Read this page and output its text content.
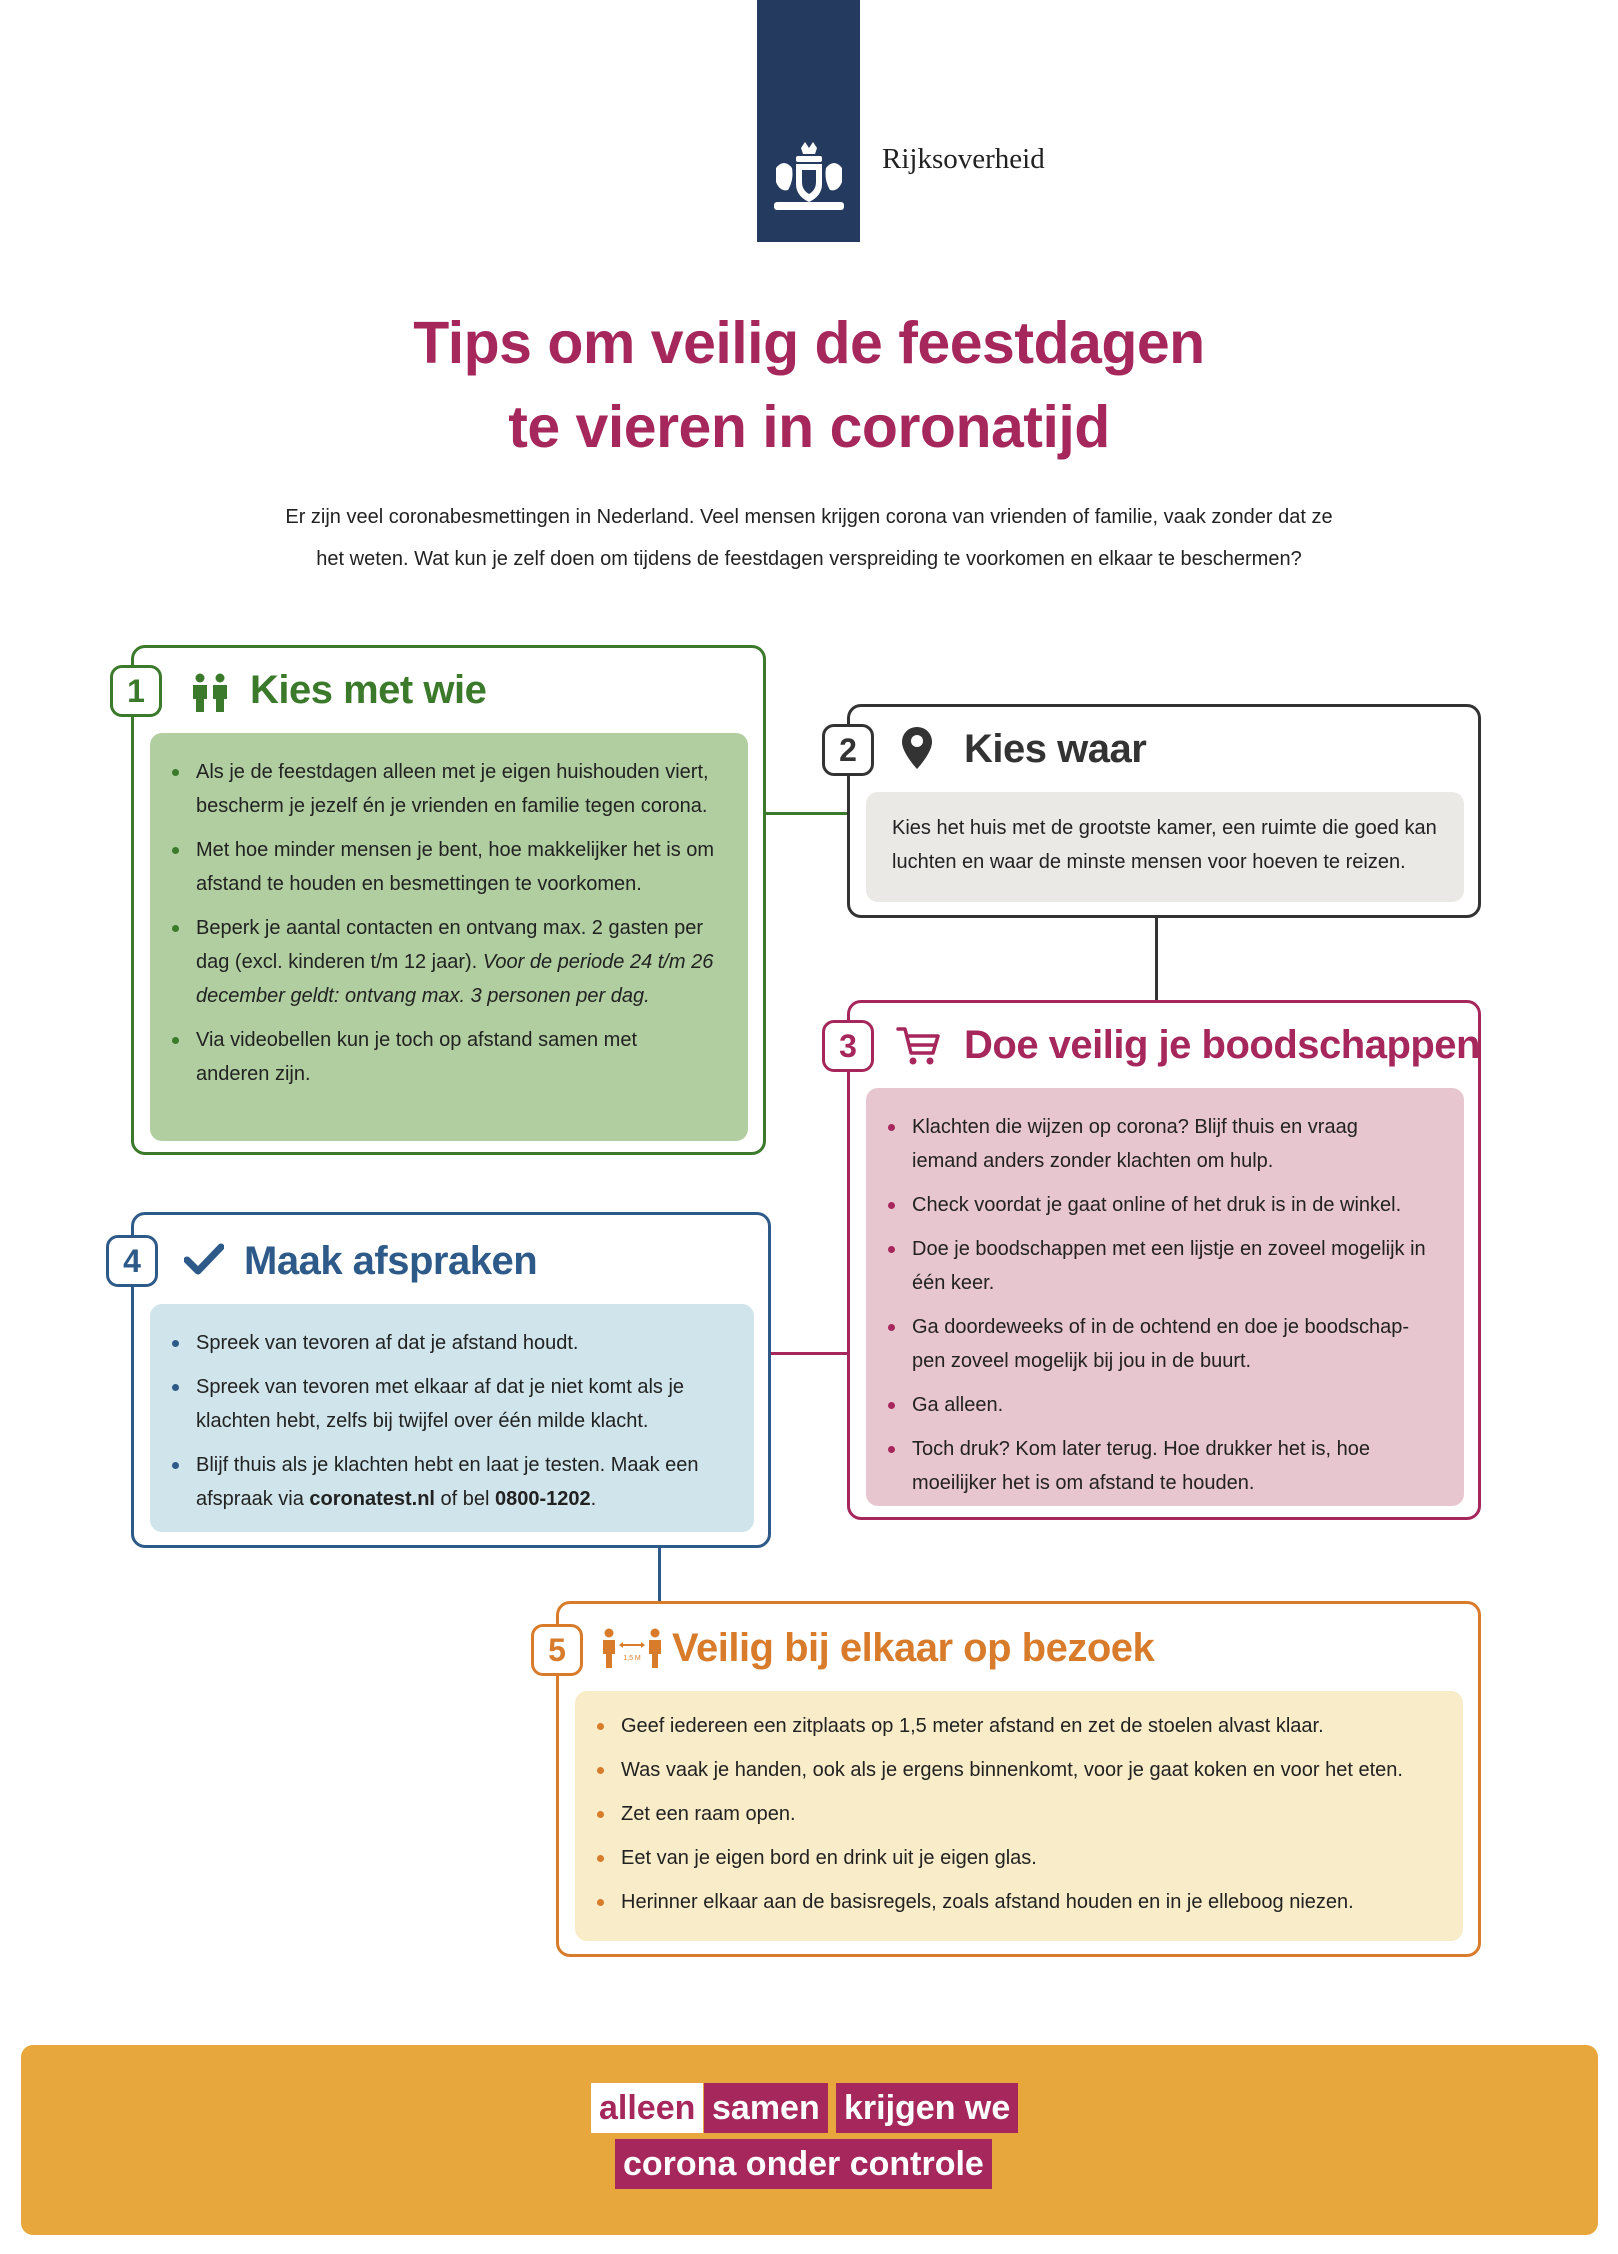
Rijksoverheid
Tips om veilig de feestdagen
te vieren in coronatijd
Er zijn veel coronabesmettingen in Nederland. Veel mensen krijgen corona van vrienden of familie, vaak zonder dat ze
het weten. Wat kun je zelf doen om tijdens de feestdagen verspreiding te voorkomen en elkaar te beschermen?
1	Kies met wie
Als je de feestdagen alleen met je eigen huishouden viert, bescherm je jezelf én je vrienden en familie tegen corona.
Met hoe minder mensen je bent, hoe makkelijker het is om afstand te houden en besmettingen te voorkomen.
Beperk je aantal contacten en ontvang max. 2 gasten per dag (excl. kinderen t/m 12 jaar). Voor de periode 24 t/m 26 december geldt: ontvang max. 3 personen per dag.
Via videobellen kun je toch op afstand samen met anderen zijn.
2	Kies waar

Kies het huis met de grootste kamer, een ruimte die goed kan luchten en waar de minste mensen voor hoeven te reizen.

3	Doe veilig je boodschappen
Klachten die wijzen op corona? Blijf thuis en vraag iemand anders zonder klachten om hulp.
Check voordat je gaat online of het druk is in de winkel.
Doe je boodschappen met een lijstje en zoveel mogelijk in één keer.
Ga doordeweeks of in de ochtend en doe je boodschap-pen zoveel mogelijk bij jou in de buurt.
Ga alleen.
Toch druk? Kom later terug. Hoe drukker het is, hoe moeilijker het is om afstand te houden.
4	Maak afspraken
Spreek van tevoren af dat je afstand houdt.
Spreek van tevoren met elkaar af dat je niet komt als je klachten hebt, zelfs bij twijfel over één milde klacht.
Blijf thuis als je klachten hebt en laat je testen. Maak een afspraak via coronatest.nl of bel 0800-1202.
5	1,5 M Veilig bij elkaar op bezoek
Geef iedereen een zitplaats op 1,5 meter afstand en zet de stoelen alvast klaar.
Was vaak je handen, ook als je ergens binnenkomt, voor je gaat koken en voor het eten.
Zet een raam open.
Eet van je eigen bord en drink uit je eigen glas.
Herinner elkaar aan de basisregels, zoals afstand houden en in je elleboog niezen.
alleen samen krijgen we
corona onder controle
